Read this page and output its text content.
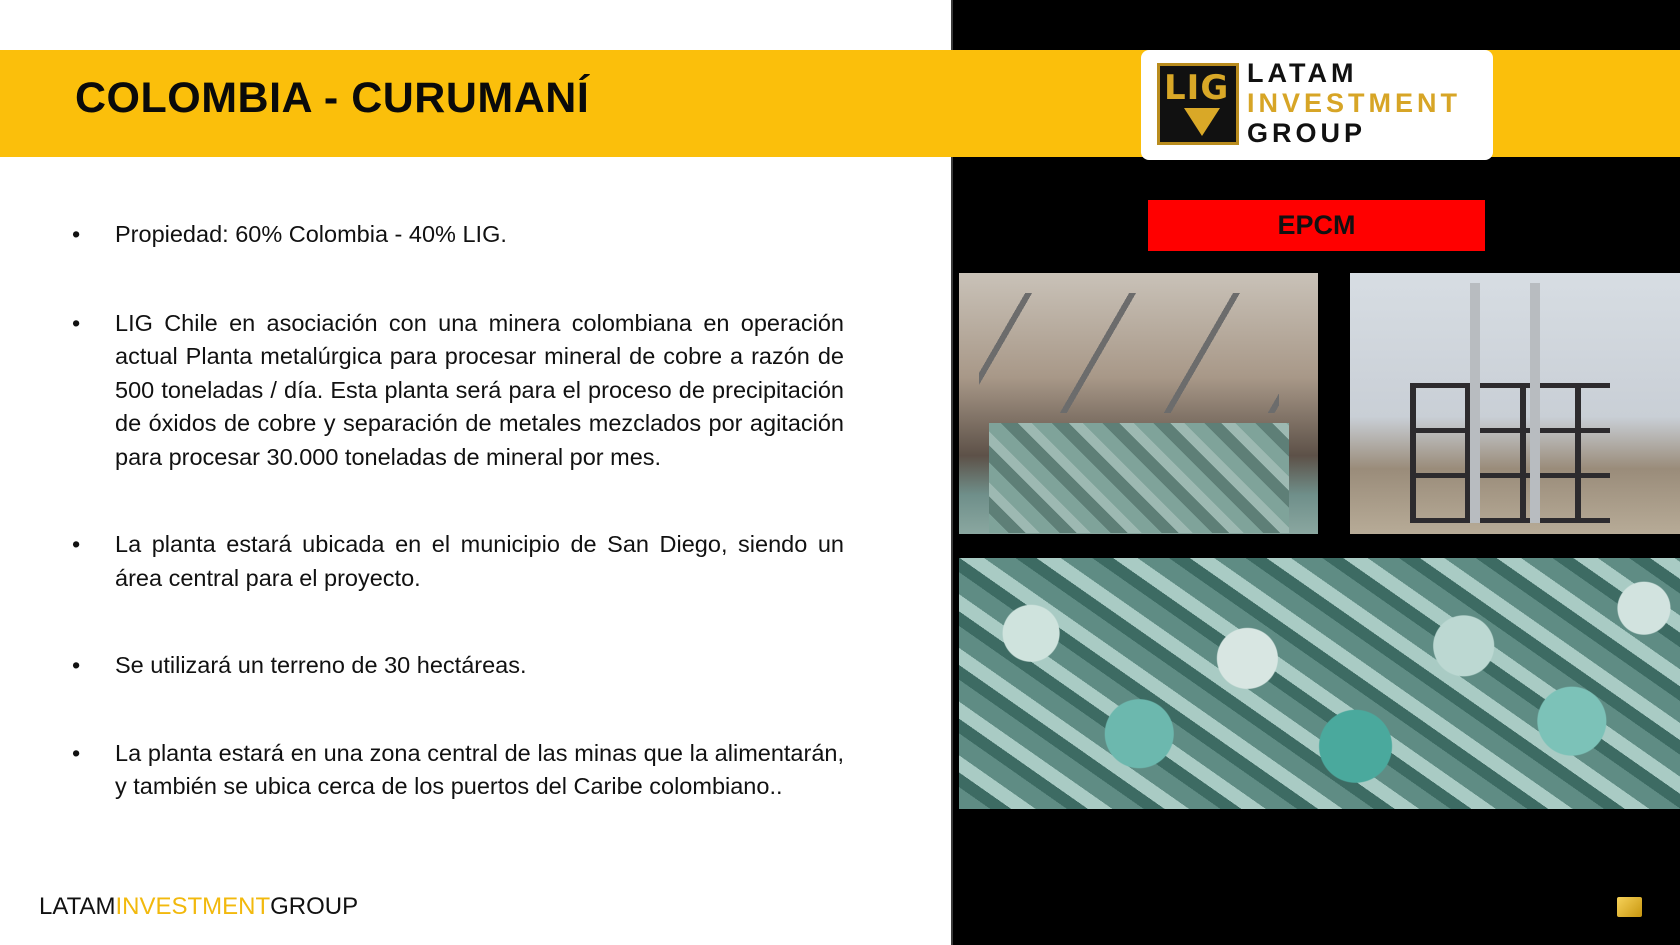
COLOMBIA - CURUMANÍ	LIG LATAM
INVESTMENT
GROUP
EPCM
• Propiedad: 60% Colombia - 40% LIG.
• LIG Chile en asociación con una minera colombiana en operación actual Planta metalúrgica para procesar mineral de cobre a razón de 500 toneladas / día. Esta planta será para el proceso de precipitación de óxidos de cobre y separación de metales mezclados por agitación para procesar 30.000 toneladas de mineral por mes.
• La planta estará ubicada en el municipio de San Diego, siendo un área central para el proyecto.
• Se utilizará un terreno de 30 hectáreas.
• La planta estará en una zona central de las minas que la alimentarán, y también se ubica cerca de los puertos del Caribe colombiano..
LATAMINVESTMENTGROUP
